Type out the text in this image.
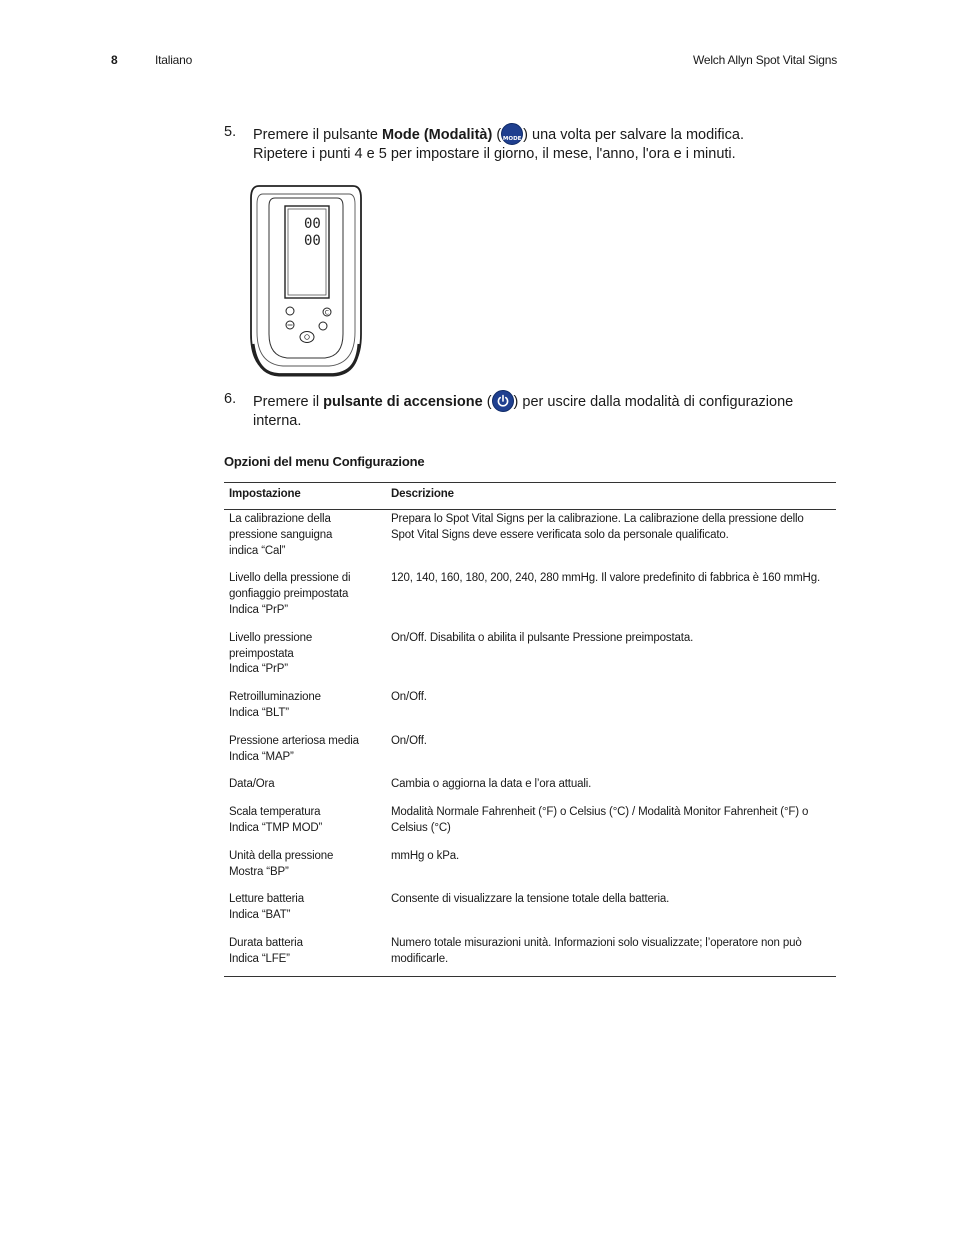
8	Italiano	Welch Allyn Spot Vital Signs
5. Premere il pulsante Mode (Modalità) ( MODE ) una volta per salvare la modifica.
Ripetere i punti 4 e 5 per impostare il giorno, il mese, l'anno, l'ora e i minuti.
00
00
C
6. Premere il pulsante di accensione ( ) per uscire dalla modalità di configurazione
interna.
Opzioni del menu Configurazione
Impostazione	Descrizione

La calibrazione della
pressione sanguigna
indica “Cal”	Prepara lo Spot Vital Signs per la calibrazione. La calibrazione della pressione dello
Spot Vital Signs deve essere verificata solo da personale qualificato.

Livello della pressione di
gonfiaggio preimpostata
Indica “PrP”	120, 140, 160, 180, 200, 240, 280 mmHg. Il valore predefinito di fabbrica è 160 mmHg.

Livello pressione
preimpostata
Indica “PrP”	On/Off. Disabilita o abilita il pulsante Pressione preimpostata.

Retroilluminazione
Indica “BLT”	On/Off.

Pressione arteriosa media
Indica “MAP”	On/Off.

Data/Ora	Cambia o aggiorna la data e l’ora attuali.

Scala temperatura
Indica “TMP MOD”	Modalità Normale Fahrenheit (°F) o Celsius (°C) / Modalità Monitor Fahrenheit (°F) o
Celsius (°C)

Unità della pressione
Mostra “BP”	mmHg o kPa.

Letture batteria
Indica “BAT”	Consente di visualizzare la tensione totale della batteria.

Durata batteria
Indica “LFE”	Numero totale misurazioni unità. Informazioni solo visualizzate; l’operatore non può
modificarle.
